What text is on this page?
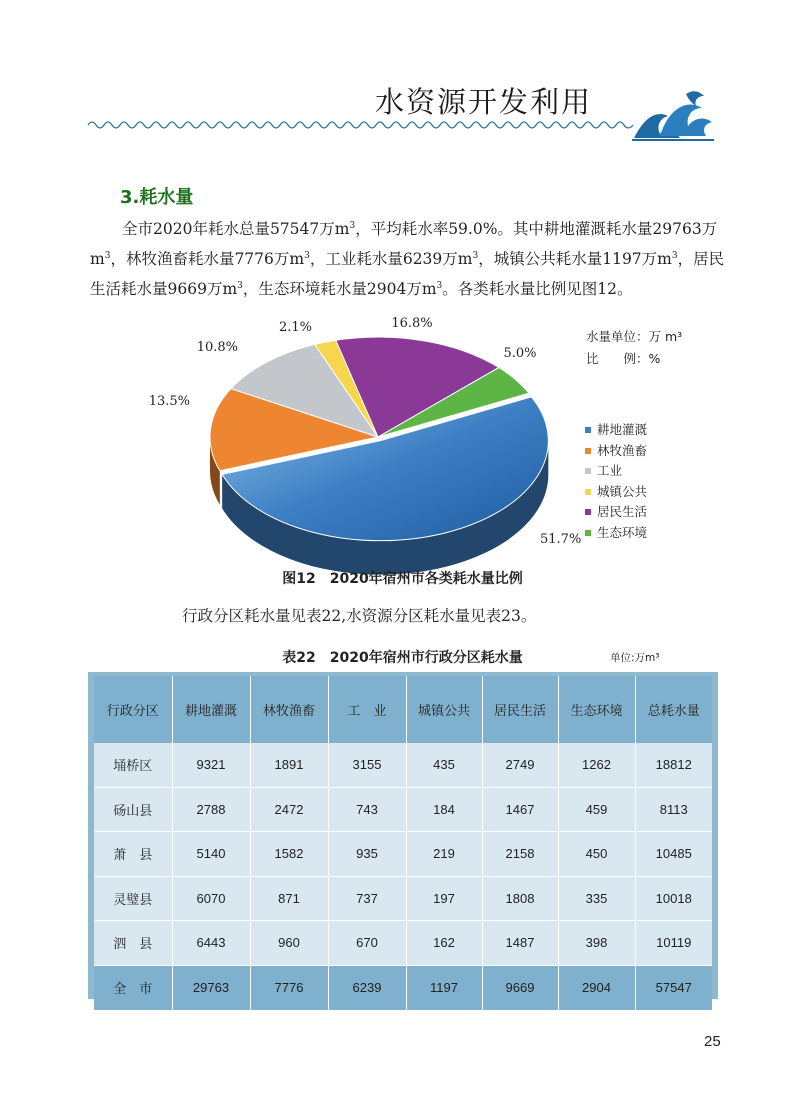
水资源开发利用
3.耗水量
全市2020年耗水总量57547万$m^3$，平均耗水率59.0%。其中耕地灌溉耗水量29763万$m^3$，林牧渔畜耗水量7776万$m^3$，工业耗水量6239万$m^3$，城镇公共耗水量1197万$m^3$，居民生活耗水量9669万$m^3$，生态环境耗水量2904万$m^3$。各类耗水量比例见图12。
51.7%
13.5%
10.8%
2.1%	16.8%
5.0%
水量单位：万 m³
比　　例：%
耕地灌溉
林牧渔畜
工业
城镇公共
居民生活
生态环境
图12　2020年宿州市各类耗水量比例
行政分区耗水量见表22,水资源分区耗水量见表23。
表22　2020年宿州市行政分区耗水量	单位:万m³
行政分区	耕地灌溉	林牧渔畜	工　业	城镇公共	居民生活	生态环境	总耗水量
埇桥区	9321	1891	3155	435	2749	1262	18812
砀山县	2788	2472	743	184	1467	459	8113
萧　县	5140	1582	935	219	2158	450	10485
灵璧县	6070	871	737	197	1808	335	10018
泗　县	6443	960	670	162	1487	398	10119
全　市	29763	7776	6239	1197	9669	2904	57547
25
